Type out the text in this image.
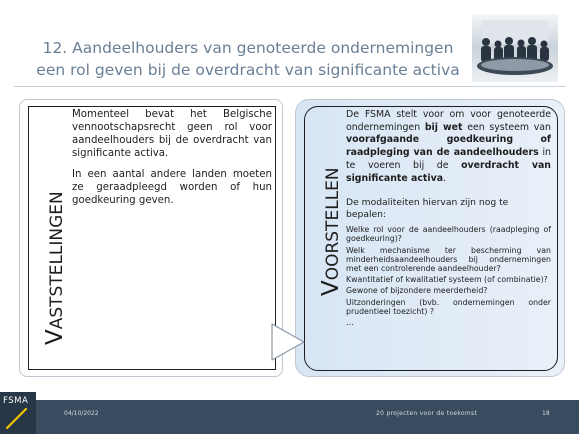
12. Aandeelhouders van genoteerde ondernemingen
een rol geven bij de overdracht van significante activa
VASTSTELLINGEN

Momenteel bevat het Belgische vennootschapsrecht geen rol voor aandeelhouders bij de overdracht van significante activa.

In een aantal andere landen moeten ze geraadpleegd worden of hun goedkeuring geven.

VOORSTELLEN

De FSMA stelt voor om voor genoteerde ondernemingen bij wet een systeem van voorafgaande goedkeuring of raadpleging van de aandeelhouders in te voeren bij de overdracht van significante activa.

De modaliteiten hiervan zijn nog te bepalen:

Welke rol voor de aandeelhouders (raadpleging of goedkeuring)?
Welk mechanisme ter bescherming van minderheidsaandeelhouders bij ondernemingen met een controlerende aandeelhouder?
Kwantitatief of kwalitatief systeem (of combinatie)?
Gewone of bijzondere meerderheid?
Uitzonderingen (bvb. ondernemingen onder prudentieel toezicht) ?
…
FSMA
04/10/2022	20 projecten voor de toekomst	18
